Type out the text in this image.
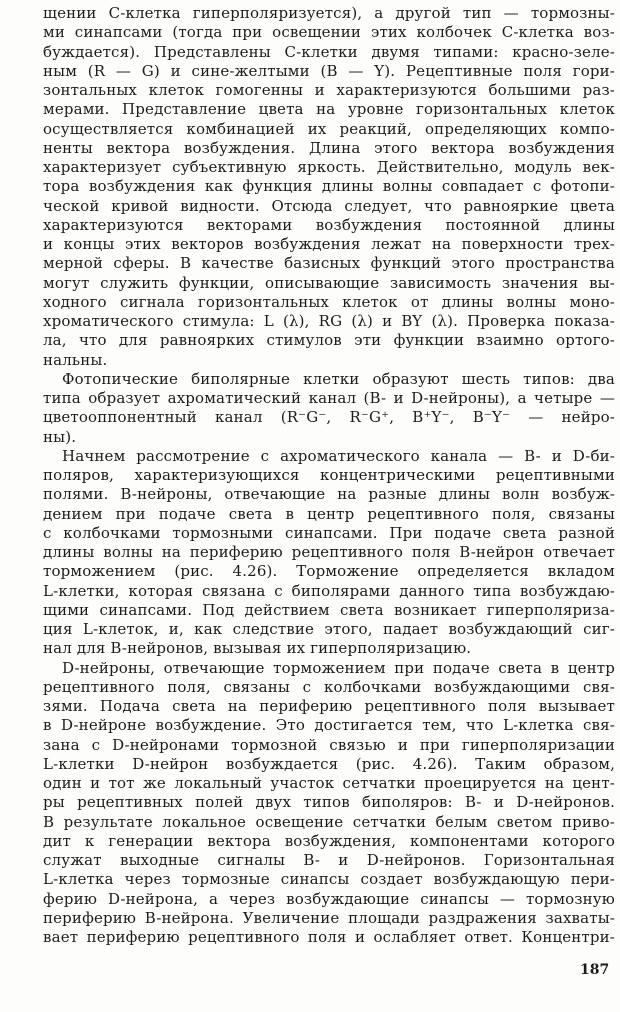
щении C-клетка гиперполяризуется), а другой тип — тормозны-
ми синапсами (тогда при освещении этих колбочек C-клетка воз-
буждается). Представлены C-клетки двумя типами: красно-зеле-
ным (R — G) и сине-желтыми (B — Y). Рецептивные поля гори-
зонтальных клеток гомогенны и характеризуются большими раз-
мерами. Представление цвета на уровне горизонтальных клеток
осуществляется комбинацией их реакций, определяющих компо-
ненты вектора возбуждения. Длина этого вектора возбуждения
характеризует субъективную яркость. Действительно, модуль век-
тора возбуждения как функция длины волны совпадает с фотопи-
ческой кривой видности. Отсюда следует, что равнояркие цвета
характеризуются векторами возбуждения постоянной длины
и концы этих векторов возбуждения лежат на поверхности трех-
мерной сферы. В качестве базисных функций этого пространства
могут служить функции, описывающие зависимость значения вы-
ходного сигнала горизонтальных клеток от длины волны моно-
хроматического стимула: L (λ), RG (λ) и BY (λ). Проверка показа-
ла, что для равнояркиx стимулов эти функции взаимно ортого-
нальны.
Фотопические биполярные клетки образуют шесть типов: два
типа образует ахроматический канал (B- и D-нейроны), а четыре —
цветооппонентный канал (R⁻G⁻, R⁻G⁺, B⁺Y⁻, B⁻Y⁻ — нейро-
ны).
Начнем рассмотрение с ахроматического канала — B- и D-би-
поляров, характеризующихся концентрическими рецептивными
полями. B-нейроны, отвечающие на разные длины волн возбуж-
дением при подаче света в центр рецептивного поля, связаны
с колбочками тормозными синапсами. При подаче света разной
длины волны на периферию рецептивного поля B-нейрон отвечает
торможением (рис. 4.26). Торможение определяется вкладом
L-клетки, которая связана с биполярами данного типа возбуждаю-
щими синапсами. Под действием света возникает гиперполяриза-
ция L-клеток, и, как следствие этого, падает возбуждающий сиг-
нал для B-нейронов, вызывая их гиперполяризацию.
D-нейроны, отвечающие торможением при подаче света в центр
рецептивного поля, связаны с колбочками возбуждающими свя-
зями. Подача света на периферию рецептивного поля вызывает
в D-нейроне возбуждение. Это достигается тем, что L-клетка свя-
зана с D-нейронами тормозной связью и при гиперполяризации
L-клетки D-нейрон возбуждается (рис. 4.26). Таким образом,
один и тот же локальный участок сетчатки проецируется на цент-
ры рецептивных полей двух типов биполяров: B- и D-нейронов.
В результате локальное освещение сетчатки белым светом приво-
дит к генерации вектора возбуждения, компонентами которого
служат выходные сигналы B- и D-нейронов. Горизонтальная
L-клетка через тормозные синапсы создает возбуждающую пери-
ферию D-нейрона, а через возбуждающие синапсы — тормозную
периферию B-нейрона. Увеличение площади раздражения захваты-
вает периферию рецептивного поля и ослабляет ответ. Концентри-
187
